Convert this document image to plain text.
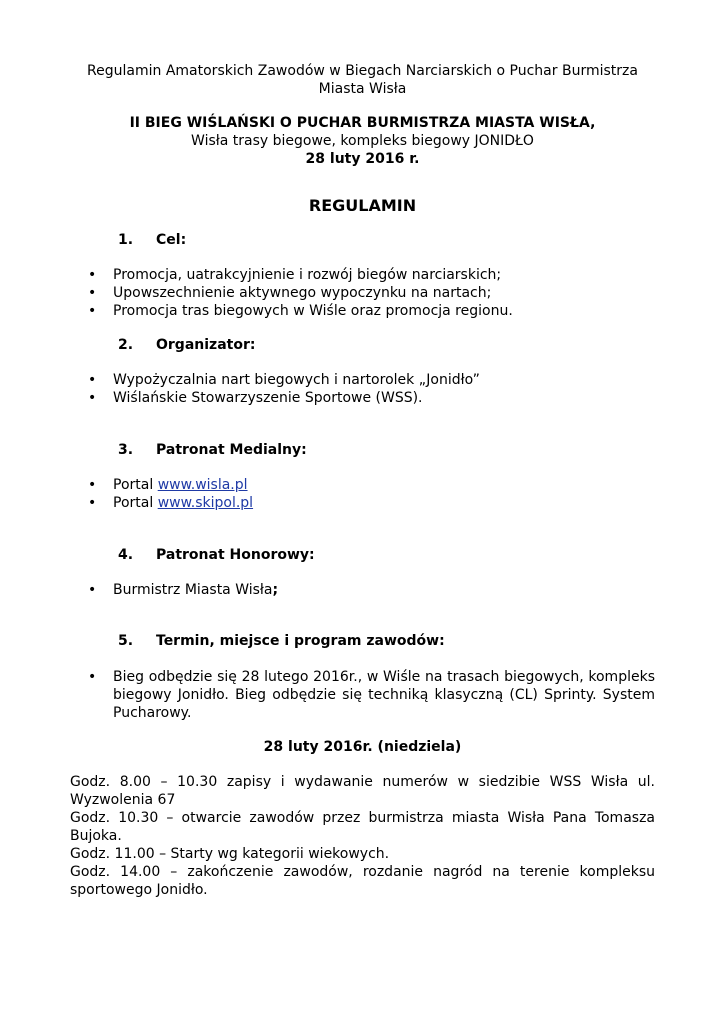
Regulamin Amatorskich Zawodów w Biegach Narciarskich o Puchar Burmistrza
Miasta Wisła
II BIEG WIŚLAŃSKI O PUCHAR BURMISTRZA MIASTA WISŁA,
Wisła trasy biegowe, kompleks biegowy JONIDŁO
28 luty 2016 r.
REGULAMIN
1. Cel:
• Promocja, uatrakcyjnienie i rozwój biegów narciarskich;
• Upowszechnienie aktywnego wypoczynku na nartach;
• Promocja tras biegowych w Wiśle oraz promocja regionu.
2. Organizator:
• Wypożyczalnia nart biegowych i nartorolek „Jonidło”
• Wiślańskie Stowarzyszenie Sportowe (WSS).
3. Patronat Medialny:
• Portal www.wisla.pl
• Portal www.skipol.pl
4. Patronat Honorowy:
• Burmistrz Miasta Wisła;
5. Termin, miejsce i program zawodów:
• Bieg odbędzie się 28 lutego 2016r., w Wiśle na trasach biegowych, kompleks biegowy Jonidło. Bieg odbędzie się techniką klasyczną (CL) Sprinty. System Pucharowy.
28 luty 2016r. (niedziela)

Godz. 8.00 – 10.30 zapisy i wydawanie numerów w siedzibie WSS Wisła ul. Wyzwolenia 67

Godz. 10.30 – otwarcie zawodów przez burmistrza miasta Wisła Pana Tomasza Bujoka.

Godz. 11.00 – Starty wg kategorii wiekowych.

Godz. 14.00 – zakończenie zawodów, rozdanie nagród na terenie kompleksu sportowego Jonidło.
